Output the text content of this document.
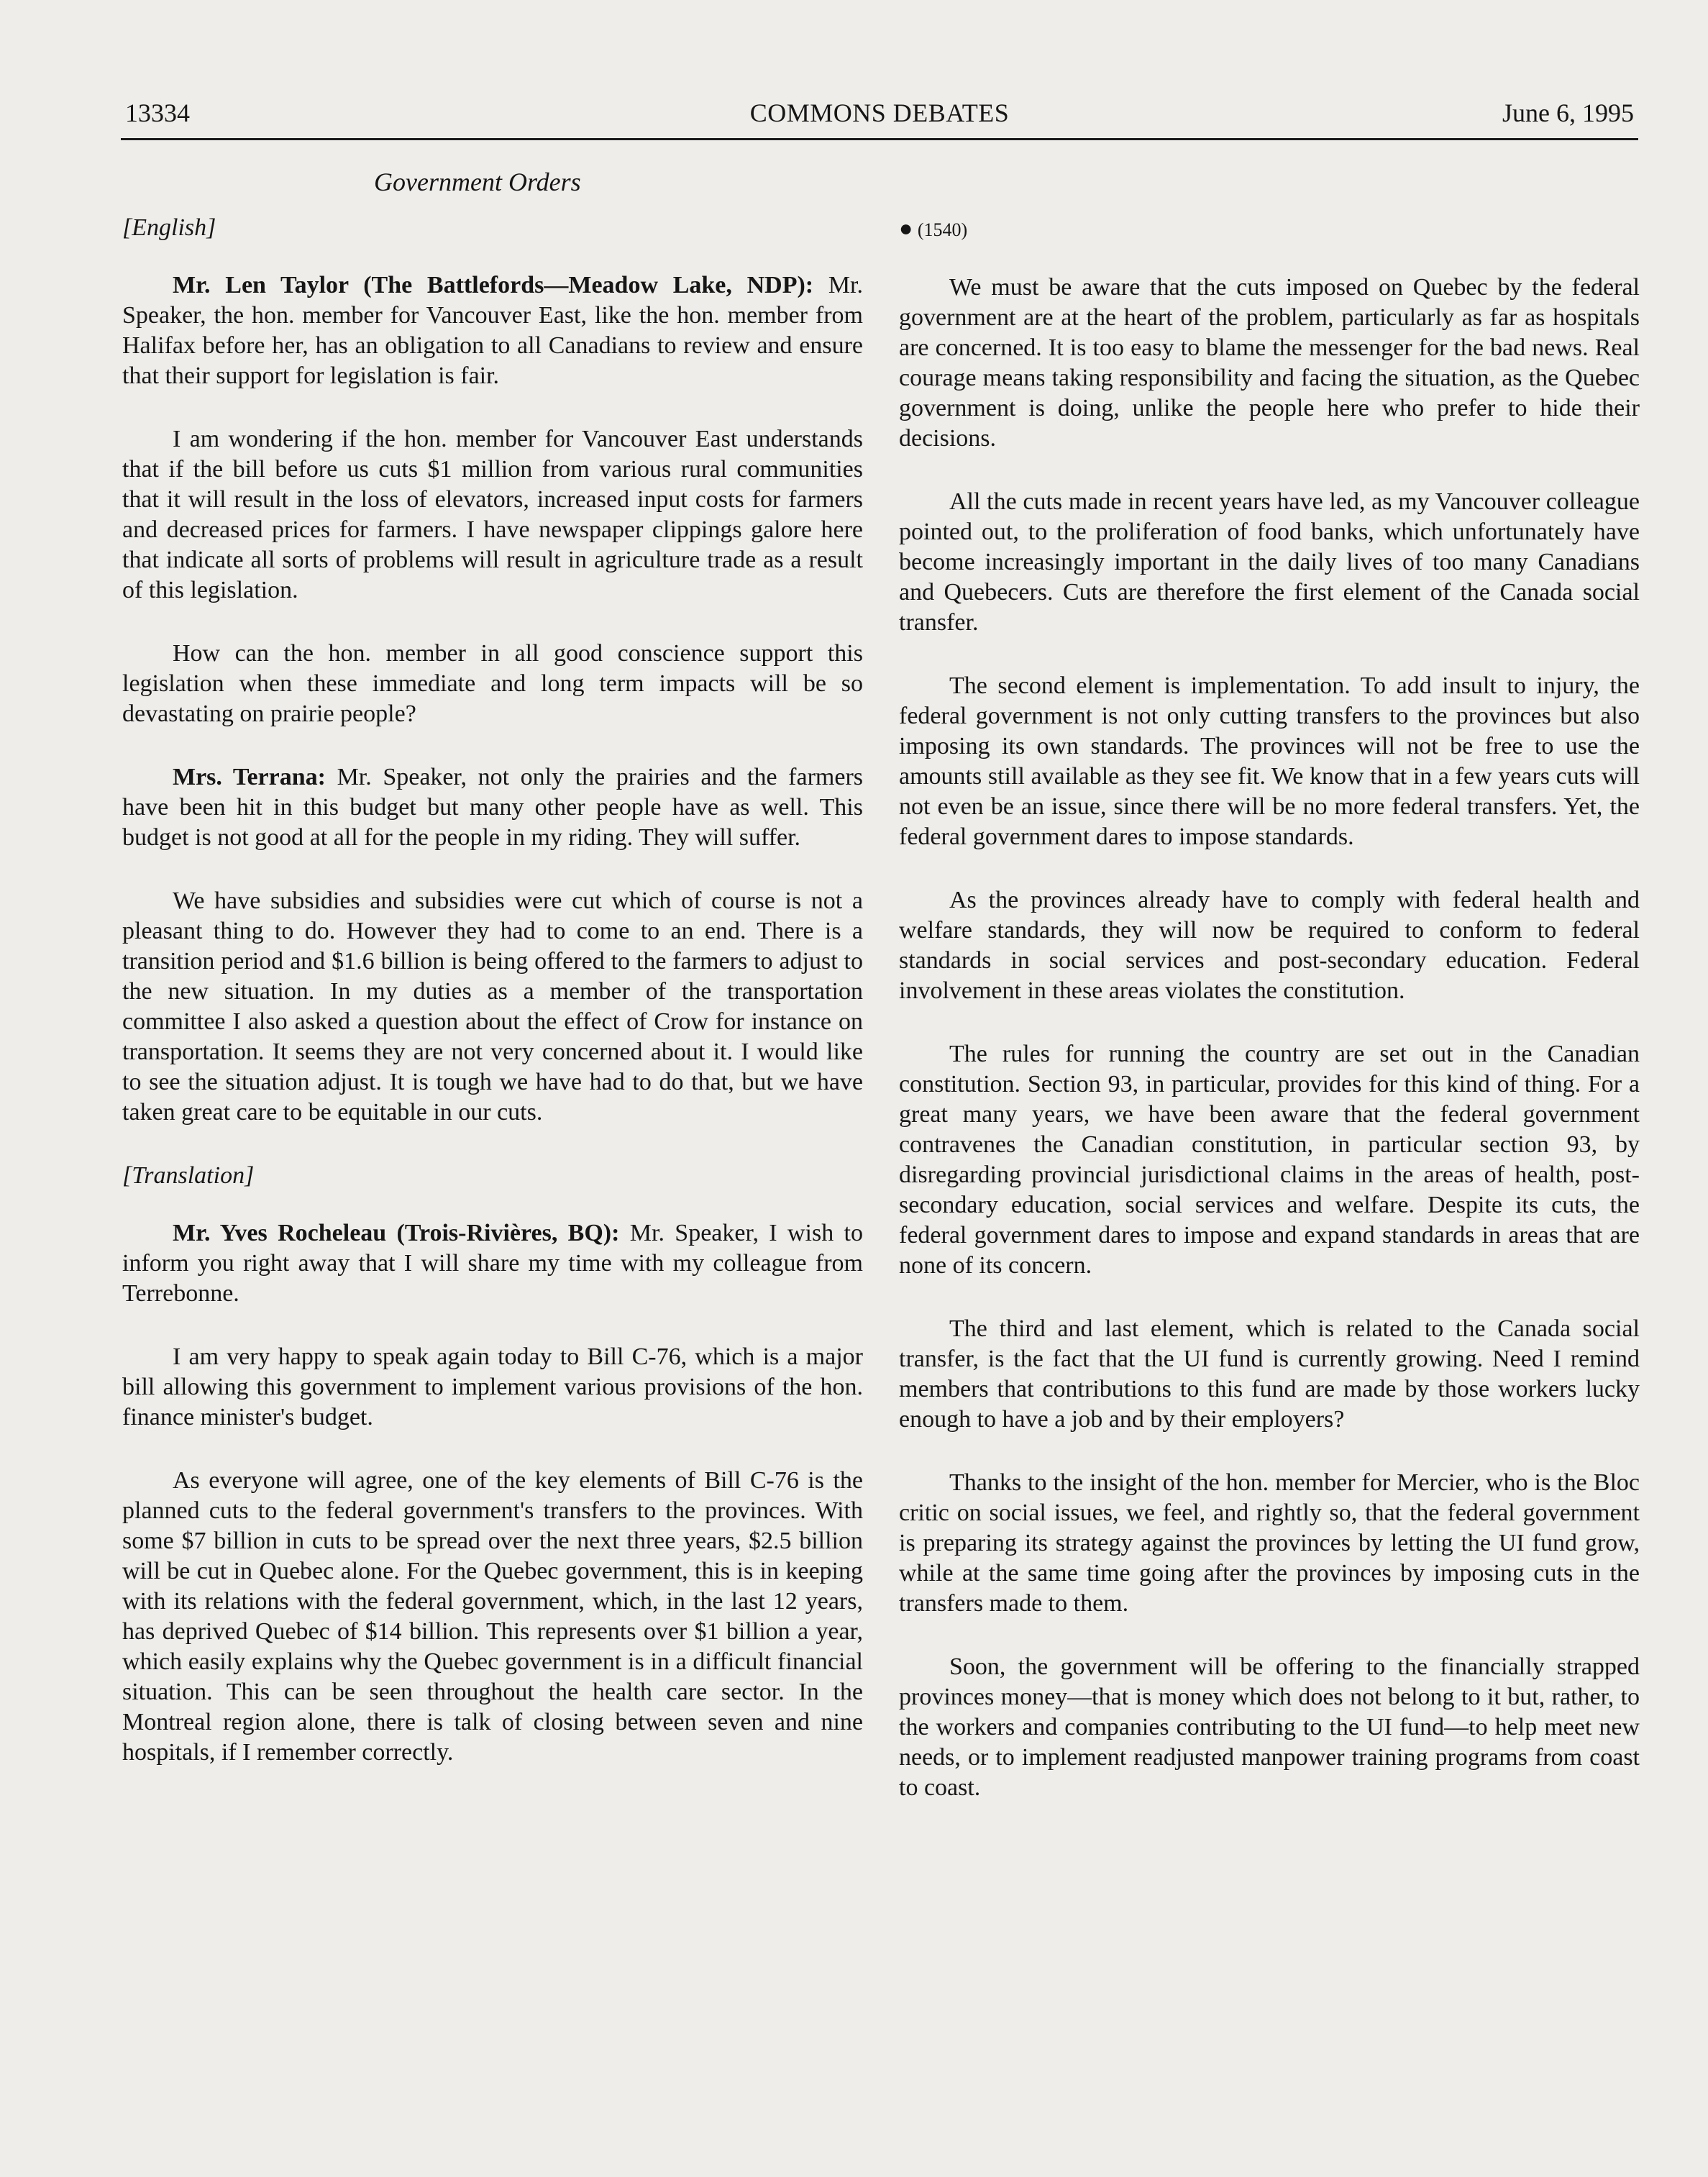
13334	COMMONS DEBATES	June 6, 1995
Government Orders

[English]

Mr. Len Taylor (The Battlefords—Meadow Lake, NDP): Mr. Speaker, the hon. member for Vancouver East, like the hon. member from Halifax before her, has an obligation to all Canadians to review and ensure that their support for legislation is fair.

I am wondering if the hon. member for Vancouver East understands that if the bill before us cuts $1 million from various rural communities that it will result in the loss of elevators, increased input costs for farmers and decreased prices for farmers. I have newspaper clippings galore here that indicate all sorts of problems will result in agriculture trade as a result of this legislation.

How can the hon. member in all good conscience support this legislation when these immediate and long term impacts will be so devastating on prairie people?

Mrs. Terrana: Mr. Speaker, not only the prairies and the farmers have been hit in this budget but many other people have as well. This budget is not good at all for the people in my riding. They will suffer.

We have subsidies and subsidies were cut which of course is not a pleasant thing to do. However they had to come to an end. There is a transition period and $1.6 billion is being offered to the farmers to adjust to the new situation. In my duties as a member of the transportation committee I also asked a question about the effect of Crow for instance on transportation. It seems they are not very concerned about it. I would like to see the situation adjust. It is tough we have had to do that, but we have taken great care to be equitable in our cuts.

[Translation]

Mr. Yves Rocheleau (Trois-Rivières, BQ): Mr. Speaker, I wish to inform you right away that I will share my time with my colleague from Terrebonne.

I am very happy to speak again today to Bill C-76, which is a major bill allowing this government to implement various provisions of the hon. finance minister's budget.

As everyone will agree, one of the key elements of Bill C-76 is the planned cuts to the federal government's transfers to the provinces. With some $7 billion in cuts to be spread over the next three years, $2.5 billion will be cut in Quebec alone. For the Quebec government, this is in keeping with its relations with the federal government, which, in the last 12 years, has deprived Quebec of $14 billion. This represents over $1 billion a year, which easily explains why the Quebec government is in a difficult financial situation. This can be seen throughout the health care sector. In the Montreal region alone, there is talk of closing between seven and nine hospitals, if I remember correctly.

● (1540)

We must be aware that the cuts imposed on Quebec by the federal government are at the heart of the problem, particularly as far as hospitals are concerned. It is too easy to blame the messenger for the bad news. Real courage means taking responsibility and facing the situation, as the Quebec government is doing, unlike the people here who prefer to hide their decisions.

All the cuts made in recent years have led, as my Vancouver colleague pointed out, to the proliferation of food banks, which unfortunately have become increasingly important in the daily lives of too many Canadians and Quebecers. Cuts are therefore the first element of the Canada social transfer.

The second element is implementation. To add insult to injury, the federal government is not only cutting transfers to the provinces but also imposing its own standards. The provinces will not be free to use the amounts still available as they see fit. We know that in a few years cuts will not even be an issue, since there will be no more federal transfers. Yet, the federal government dares to impose standards.

As the provinces already have to comply with federal health and welfare standards, they will now be required to conform to federal standards in social services and post-secondary education. Federal involvement in these areas violates the constitution.

The rules for running the country are set out in the Canadian constitution. Section 93, in particular, provides for this kind of thing. For a great many years, we have been aware that the federal government contravenes the Canadian constitution, in particular section 93, by disregarding provincial jurisdictional claims in the areas of health, post-secondary education, social services and welfare. Despite its cuts, the federal government dares to impose and expand standards in areas that are none of its concern.

The third and last element, which is related to the Canada social transfer, is the fact that the UI fund is currently growing. Need I remind members that contributions to this fund are made by those workers lucky enough to have a job and by their employers?

Thanks to the insight of the hon. member for Mercier, who is the Bloc critic on social issues, we feel, and rightly so, that the federal government is preparing its strategy against the provinces by letting the UI fund grow, while at the same time going after the provinces by imposing cuts in the transfers made to them.

Soon, the government will be offering to the financially strapped provinces money—that is money which does not belong to it but, rather, to the workers and companies contributing to the UI fund—to help meet new needs, or to implement readjusted manpower training programs from coast to coast.
